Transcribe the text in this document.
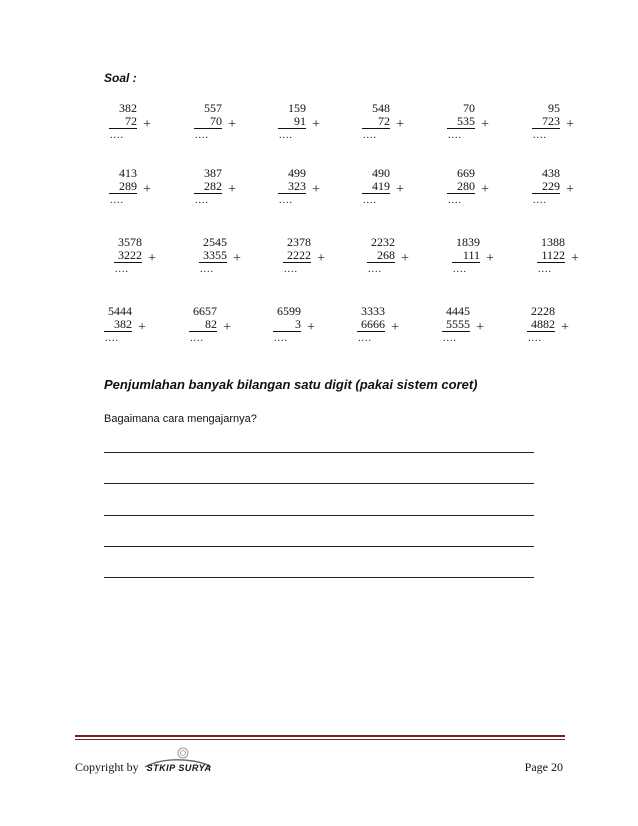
Soal :
382
72 +
....
557
70 +
....
159
91 +
....
548
72 +
....
70
535 +
....
95
723 +
....
413
289 +
....
387
282 +
....
499
323 +
....
490
419 +
....
669
280 +
....
438
229 +
....
3578
3222 +
....
2545
3355 +
....
2378
2222 +
....
2232
268 +
....
1839
111 +
....
1388
1122 +
....
5444
382 +
....
6657
82 +
....
6599
3 +
....
3333
6666 +
....
4445
5555 +
....
2228
4882 +
....
Penjumlahan banyak bilangan satu digit (pakai sistem coret)
Bagaimana cara mengajarnya?
Copyright by STKIP SURYA	Page 20
